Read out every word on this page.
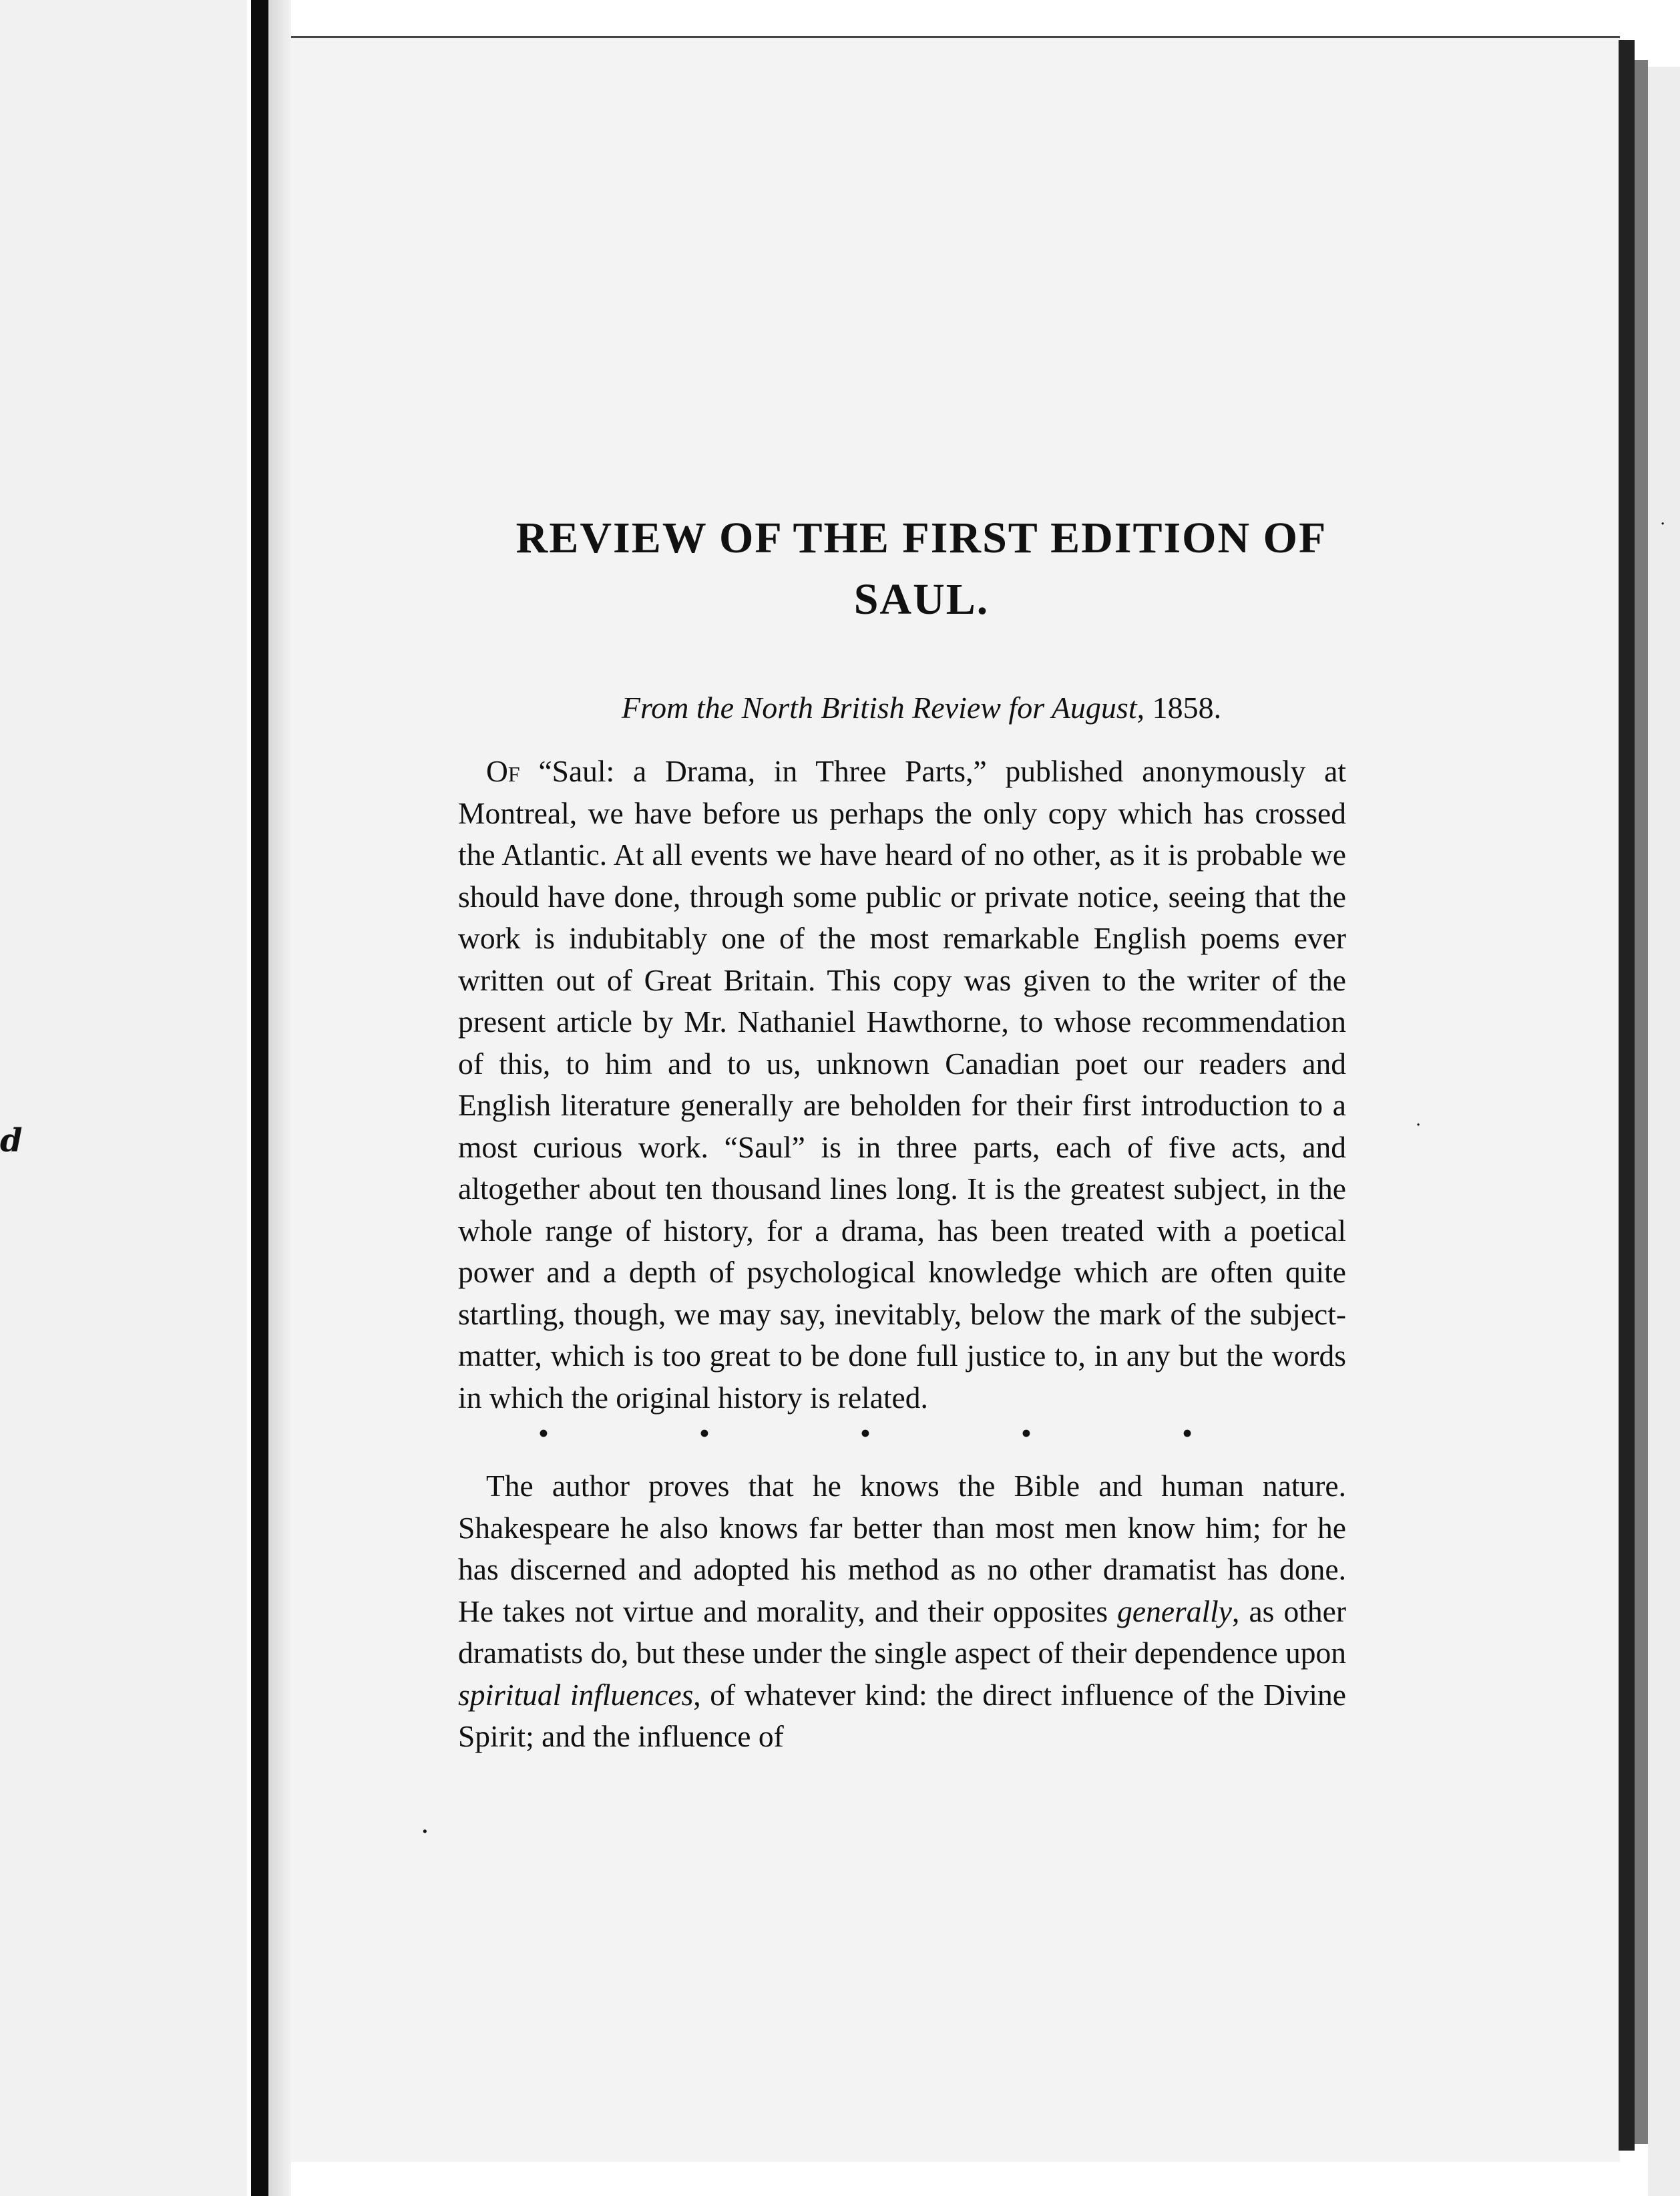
d
REVIEW OF THE FIRST EDITION OF
SAUL.

From the North British Review for August, 1858.

Of “Saul: a Drama, in Three Parts,” published anonymously at Montreal, we have before us perhaps the only copy which has crossed the Atlantic. At all events we have heard of no other, as it is probable we should have done, through some public or private notice, seeing that the work is indubitably one of the most remarkable English poems ever written out of Great Britain. This copy was given to the writer of the present article by Mr. Nathaniel Hawthorne, to whose recommendation of this, to him and to us, unknown Canadian poet our readers and English literature generally are beholden for their first introduction to a most curious work. “Saul” is in three parts, each of five acts, and altogether about ten thousand lines long. It is the greatest subject, in the whole range of history, for a drama, has been treated with a poetical power and a depth of psychological knowledge which are often quite startling, though, we may say, inevitably, below the mark of the subject-matter, which is too great to be done full justice to, in any but the words in which the original history is related.

•	•	•	•	•

The author proves that he knows the Bible and human nature. Shakespeare he also knows far better than most men know him; for he has discerned and adopted his method as no other dramatist has done. He takes not virtue and morality, and their opposites generally, as other dramatists do, but these under the single aspect of their dependence upon spiritual influences, of whatever kind: the direct influence of the Divine Spirit; and the influence of

·
·
·
